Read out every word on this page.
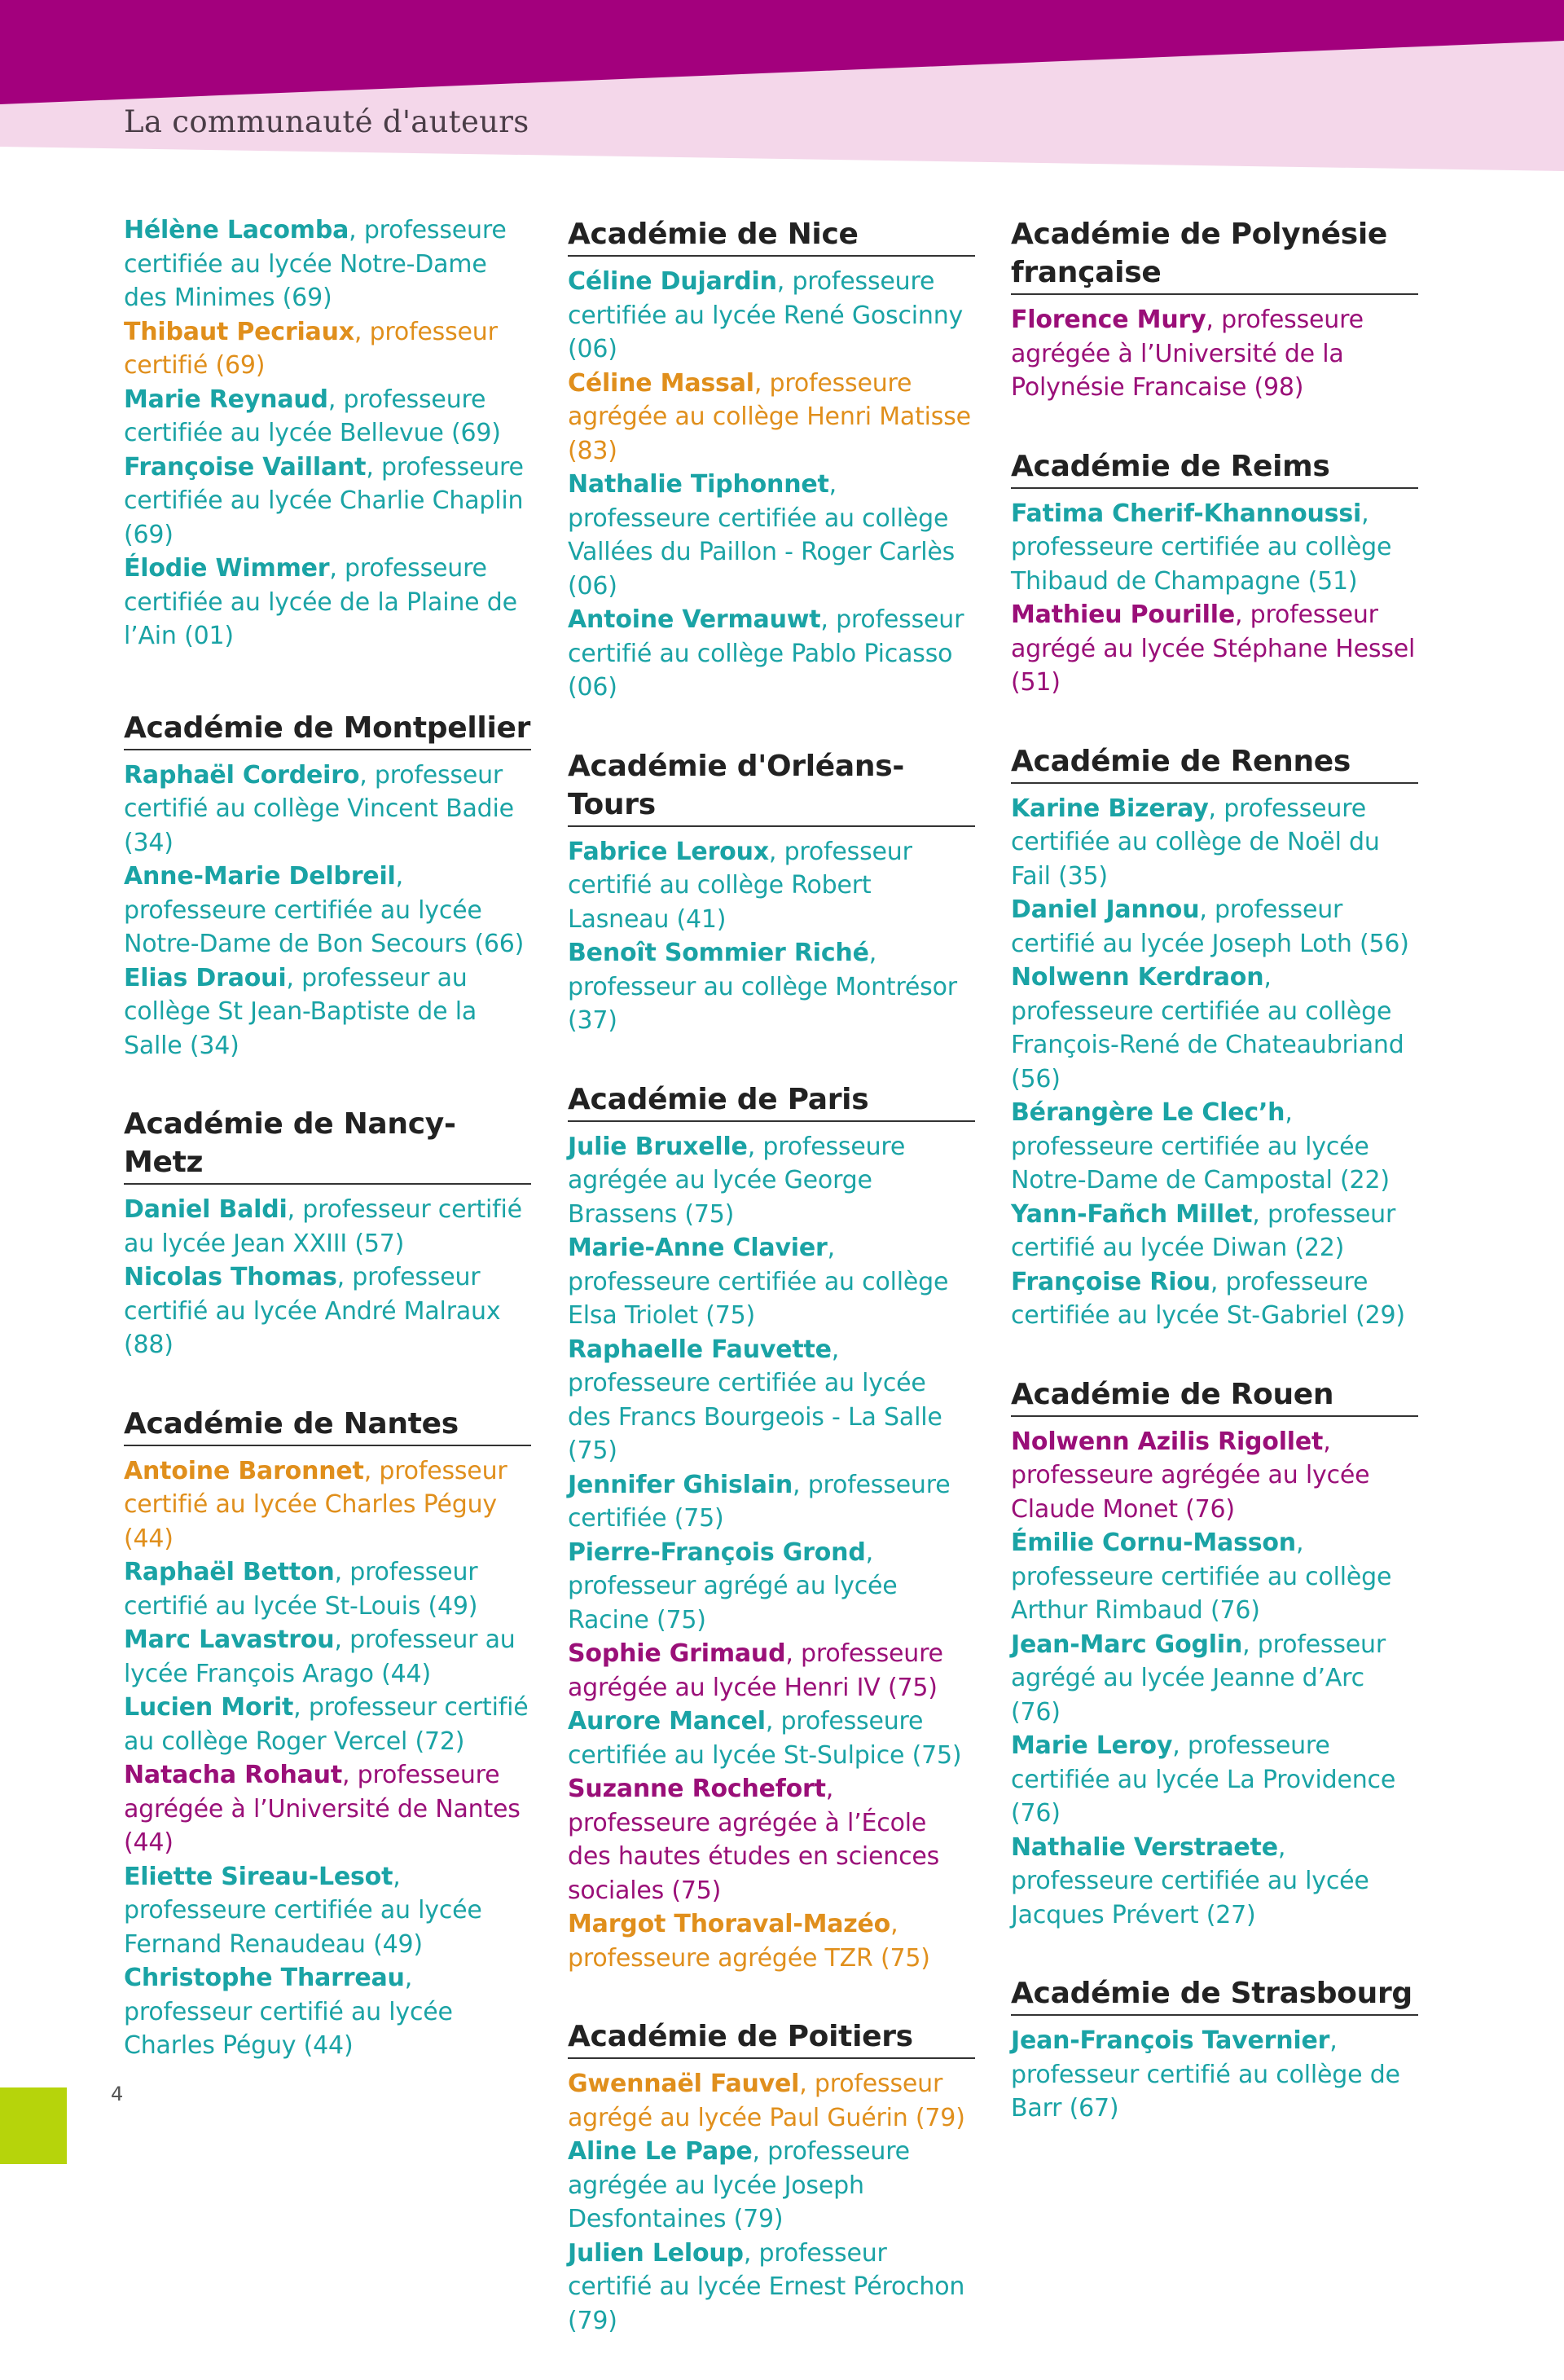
La communauté d'auteurs
Hélène Lacomba, professeure certifiée au lycée Notre-Dame des Minimes (69)
Thibaut Pecriaux, professeur certifié (69)
Marie Reynaud, professeure certifiée au lycée Bellevue (69)
Françoise Vaillant, professeure certifiée au lycée Charlie Chaplin (69)
Élodie Wimmer, professeure certifiée au lycée de la Plaine de l’Ain (01)
Académie de Montpellier
Raphaël Cordeiro, professeur certifié au collège Vincent Badie (34)
Anne-Marie Delbreil, professeure certifiée au lycée Notre-Dame de Bon Secours (66)
Elias Draoui, professeur au collège St Jean-Baptiste de la Salle (34)
Académie de Nancy-Metz
Daniel Baldi, professeur certifié au lycée Jean XXIII (57)
Nicolas Thomas, professeur certifié au lycée André Malraux (88)
Académie de Nantes
Antoine Baronnet, professeur certifié au lycée Charles Péguy (44)
Raphaël Betton, professeur certifié au lycée St-Louis (49)
Marc Lavastrou, professeur au lycée François Arago (44)
Lucien Morit, professeur certifié au collège Roger Vercel (72)
Natacha Rohaut, professeure agrégée à l’Université de Nantes (44)
Eliette Sireau-Lesot, professeure certifiée au lycée Fernand Renaudeau (49)
Christophe Tharreau, professeur certifié au lycée Charles Péguy (44)
Académie de Nice
Céline Dujardin, professeure certifiée au lycée René Goscinny (06)
Céline Massal, professeure agrégée au collège Henri Matisse (83)
Nathalie Tiphonnet, professeure certifiée au collège Vallées du Paillon - Roger Carlès (06)
Antoine Vermauwt, professeur certifié au collège Pablo Picasso (06)
Académie d'Orléans-Tours
Fabrice Leroux, professeur certifié au collège Robert Lasneau (41)
Benoît Sommier Riché, professeur au collège Montrésor (37)
Académie de Paris
Julie Bruxelle, professeure agrégée au lycée George Brassens (75)
Marie-Anne Clavier, professeure certifiée au collège Elsa Triolet (75)
Raphaelle Fauvette, professeure certifiée au lycée des Francs Bourgeois - La Salle (75)
Jennifer Ghislain, professeure certifiée (75)
Pierre-François Grond, professeur agrégé au lycée Racine (75)
Sophie Grimaud, professeure agrégée au lycée Henri IV (75)
Aurore Mancel, professeure certifiée au lycée St-Sulpice (75)
Suzanne Rochefort, professeure agrégée à l’École des hautes études en sciences sociales (75)
Margot Thoraval-Mazéo, professeure agrégée TZR (75)
Académie de Poitiers
Gwennaël Fauvel, professeur agrégé au lycée Paul Guérin (79)
Aline Le Pape, professeure agrégée au lycée Joseph Desfontaines (79)
Julien Leloup, professeur certifié au lycée Ernest Pérochon (79)
Académie de Polynésie française
Florence Mury, professeure agrégée à l’Université de la Polynésie Francaise (98)
Académie de Reims
Fatima Cherif-Khannoussi, professeure certifiée au collège Thibaud de Champagne (51)
Mathieu Pourille, professeur agrégé au lycée Stéphane Hessel (51)
Académie de Rennes
Karine Bizeray, professeure certifiée au collège de Noël du Fail (35)
Daniel Jannou, professeur certifié au lycée Joseph Loth (56)
Nolwenn Kerdraon, professeure certifiée au collège François-René de Chateaubriand (56)
Bérangère Le Clec’h, professeure certifiée au lycée Notre-Dame de Campostal (22)
Yann-Fañch Millet, professeur certifié au lycée Diwan (22)
Françoise Riou, professeure certifiée au lycée St-Gabriel (29)
Académie de Rouen
Nolwenn Azilis Rigollet, professeure agrégée au lycée Claude Monet (76)
Émilie Cornu-Masson, professeure certifiée au collège Arthur Rimbaud (76)
Jean-Marc Goglin, professeur agrégé au lycée Jeanne d’Arc (76)
Marie Leroy, professeure certifiée au lycée La Providence (76)
Nathalie Verstraete, professeure certifiée au lycée Jacques Prévert (27)
Académie de Strasbourg
Jean-François Tavernier, professeur certifié au collège de Barr (67)
4
